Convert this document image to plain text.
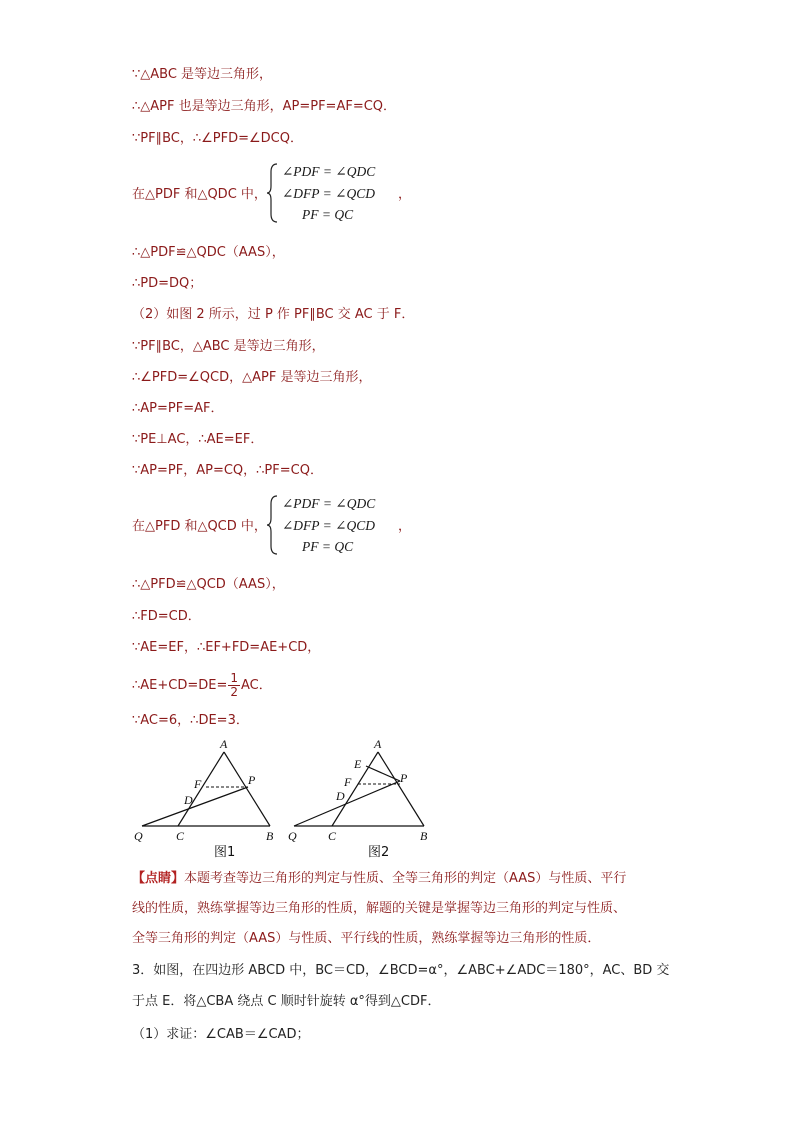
∵△ABC 是等边三角形，
∴△APF 也是等边三角形，AP=PF=AF=CQ．
∵PF∥BC，∴∠PFD=∠DCQ．
在△PDF 和△QDC 中，
∠PDF = ∠QDC
∠DFP = ∠QCD
PF = QC
，
∴△PDF≌△QDC（AAS），
∴PD=DQ；
（2）如图 2 所示，过 P 作 PF∥BC 交 AC 于 F．
∵PF∥BC，△ABC 是等边三角形，
∴∠PFD=∠QCD，△APF 是等边三角形，
∴AP=PF=AF．
∵PE⊥AC，∴AE=EF．
∵AP=PF，AP=CQ，∴PF=CQ．
在△PFD 和△QCD 中，
∠PDF = ∠QDC
∠DFP = ∠QCD
PF = QC
，
∴△PFD≌△QCD（AAS），
∴FD=CD．
∵AE=EF，∴EF+FD=AE+CD，
∴AE+CD=DE= $\frac{1}{2}$ AC．
∵AC=6，∴DE=3．
A
F	P
D
Q	C	B
图1
A
E
F	P
D
Q	C	B
图2
【点睛】本题考查等边三角形的判定与性质、全等三角形的判定（AAS）与性质、平行
线的性质，熟练掌握等边三角形的性质，解题的关键是掌握等边三角形的判定与性质、
全等三角形的判定（AAS）与性质、平行线的性质，熟练掌握等边三角形的性质．
3．如图，在四边形 ABCD 中，BC＝CD，∠BCD=α°，∠ABC+∠ADC＝180°，AC、BD 交
于点 E．将△CBA 绕点 C 顺时针旋转 α°得到△CDF．
（1）求证：∠CAB＝∠CAD；
